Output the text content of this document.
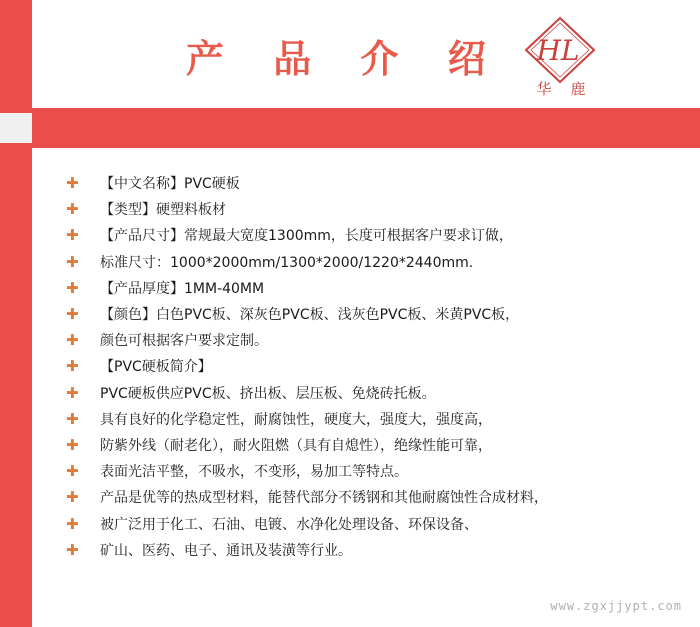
产 品 介 绍 HL
华 鹿
✚	【中文名称】PVC硬板
✚	【类型】硬塑料板材
✚	【产品尺寸】常规最大宽度1300mm，长度可根据客户要求订做，
✚	标准尺寸：1000*2000mm/1300*2000/1220*2440mm.
✚	【产品厚度】1MM-40MM
✚	【颜色】白色PVC板、深灰色PVC板、浅灰色PVC板、米黄PVC板，
✚	颜色可根据客户要求定制。
✚	【PVC硬板简介】
✚	PVC硬板供应PVC板、挤出板、层压板、免烧砖托板。
✚	具有良好的化学稳定性，耐腐蚀性，硬度大，强度大，强度高，
✚	防紫外线（耐老化），耐火阻燃（具有自熄性），绝缘性能可靠，
✚	表面光洁平整，不吸水，不变形，易加工等特点。
✚	产品是优等的热成型材料，能替代部分不锈钢和其他耐腐蚀性合成材料，
✚	被广泛用于化工、石油、电镀、水净化处理设备、环保设备、
✚	矿山、医药、电子、通讯及装潢等行业。
www.zgxjjypt.com
